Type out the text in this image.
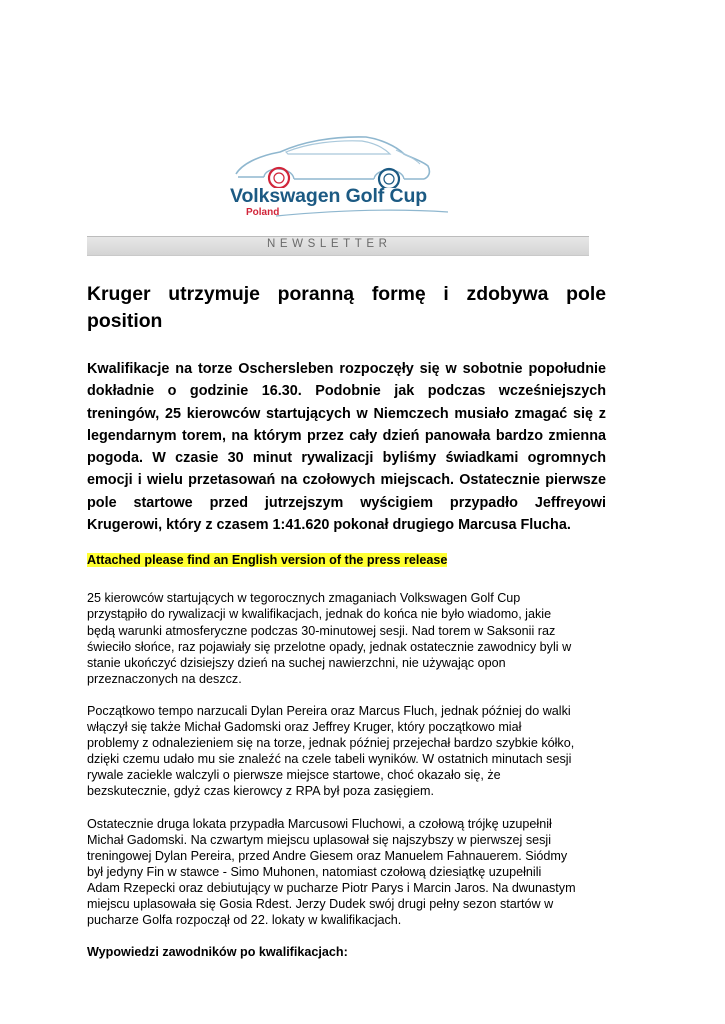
Volkswagen Golf Cup
Poland
NEWSLETTER
Kruger utrzymuje poranną formę i zdobywa pole position

Kwalifikacje na torze Oschersleben rozpoczęły się w sobotnie popołudnie dokładnie o godzinie 16.30. Podobnie jak podczas wcześniejszych treningów, 25 kierowców startujących w Niemczech musiało zmagać się z legendarnym torem, na którym przez cały dzień panowała bardzo zmienna pogoda. W czasie 30 minut rywalizacji byliśmy świadkami ogromnych emocji i wielu przetasowań na czołowych miejscach. Ostatecznie pierwsze pole startowe przed jutrzejszym wyścigiem przypadło Jeffreyowi Krugerowi, który z czasem 1:41.620 pokonał drugiego Marcusa Flucha.

Attached please find an English version of the press release

25 kierowców startujących w tegorocznych zmaganiach Volkswagen Golf Cup
przystąpiło do rywalizacji w kwalifikacjach, jednak do końca nie było wiadomo, jakie
będą warunki atmosferyczne podczas 30-minutowej sesji. Nad torem w Saksonii raz
świeciło słońce, raz pojawiały się przelotne opady, jednak ostatecznie zawodnicy byli w
stanie ukończyć dzisiejszy dzień na suchej nawierzchni, nie używając opon
przeznaczonych na deszcz.

Początkowo tempo narzucali Dylan Pereira oraz Marcus Fluch, jednak później do walki
włączył się także Michał Gadomski oraz Jeffrey Kruger, który początkowo miał
problemy z odnalezieniem się na torze, jednak później przejechał bardzo szybkie kółko,
dzięki czemu udało mu sie znaleźć na czele tabeli wyników. W ostatnich minutach sesji
rywale zaciekle walczyli o pierwsze miejsce startowe, choć okazało się, że
bezskutecznie, gdyż czas kierowcy z RPA był poza zasięgiem.

Ostatecznie druga lokata przypadła Marcusowi Fluchowi, a czołową trójkę uzupełnił
Michał Gadomski. Na czwartym miejscu uplasował się najszybszy w pierwszej sesji
treningowej Dylan Pereira, przed Andre Giesem oraz Manuelem Fahnauerem. Siódmy
był jedyny Fin w stawce - Simo Muhonen, natomiast czołową dziesiątkę uzupełnili
Adam Rzepecki oraz debiutujący w pucharze Piotr Parys i Marcin Jaros. Na dwunastym
miejscu uplasowała się Gosia Rdest. Jerzy Dudek swój drugi pełny sezon startów w
pucharze Golfa rozpoczął od 22. lokaty w kwalifikacjach.

Wypowiedzi zawodników po kwalifikacjach:
